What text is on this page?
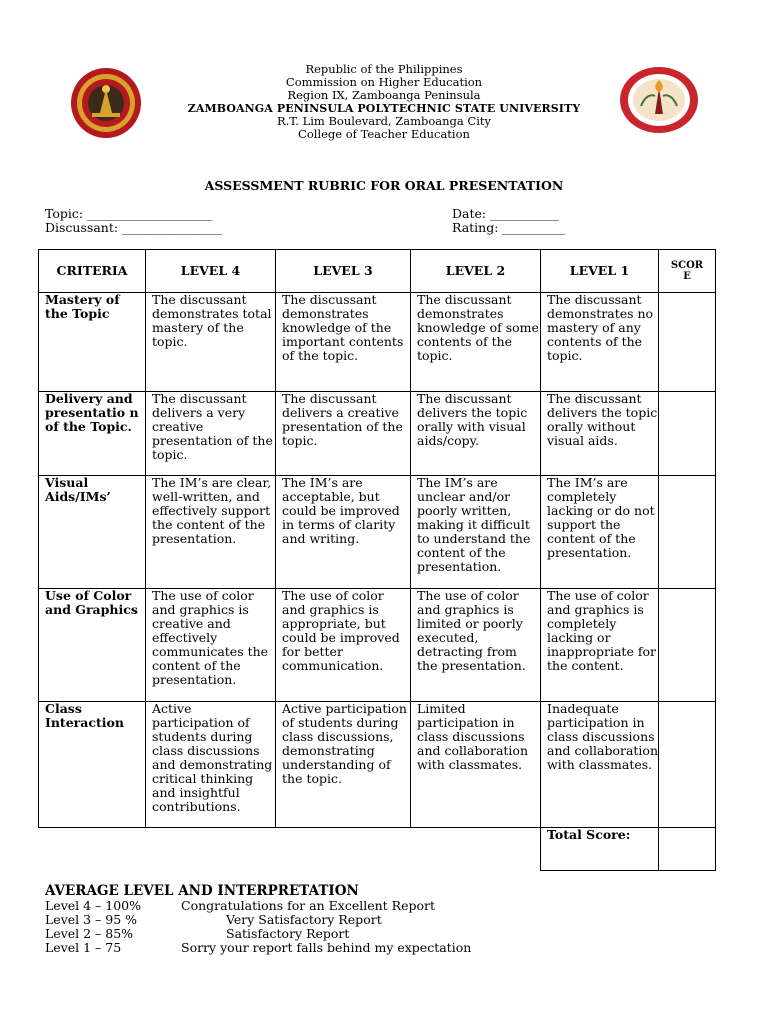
Republic of the Philippines
Commission on Higher Education
Region IX, Zamboanga Peninsula
ZAMBOANGA PENINSULA POLYTECHNIC STATE UNIVERSITY
R.T. Lim Boulevard, Zamboanga City
College of Teacher Education
ASSESSMENT RUBRIC FOR ORAL PRESENTATION
Topic: ____________________
Discussant: ________________
Date: ___________
Rating: __________
CRITERIA	LEVEL 4	LEVEL 3	LEVEL 2	LEVEL 1	SCOR
E

Mastery of the Topic	The discussant demonstrates total mastery of the topic.	The discussant demonstrates knowledge of the important contents of the topic.	The discussant demonstrates knowledge of some contents of the topic.	The discussant demonstrates no mastery of any contents of the topic.	
Delivery and presentatio n of the Topic.	The discussant delivers a very creative presentation of the topic.	The discussant delivers a creative presentation of the topic.	The discussant delivers the topic orally with visual aids/copy.	The discussant delivers the topic orally without visual aids.	
Visual Aids/IMs’	The IM’s are clear, well-written, and effectively support the content of the presentation.	The IM’s are acceptable, but could be improved in terms of clarity and writing.	The IM’s are unclear and/or poorly written, making it difficult to understand the content of the presentation.	The IM’s are completely lacking or do not support the content of the presentation.	
Use of Color and Graphics	The use of color and graphics is creative and effectively communicates the content of the presentation.	The use of color and graphics is appropriate, but could be improved for better communication.	The use of color and graphics is limited or poorly executed, detracting from the presentation.	The use of color and graphics is completely lacking or inappropriate for the content.	
Class Interaction	Active participation of students during class discussions and demonstrating critical thinking and insightful contributions.	Active participation of students during class discussions, demonstrating understanding of the topic.	Limited participation in class discussions and collaboration with classmates.	Inadequate participation in class discussions and collaboration with classmates.	
				Total Score:	
AVERAGE LEVEL AND INTERPRETATION
Level 4 – 100%	Congratulations for an Excellent Report
Level 3 – 95 %	Very Satisfactory Report
Level 2 – 85%	Satisfactory Report
Level 1 – 75	Sorry your report falls behind my expectation
